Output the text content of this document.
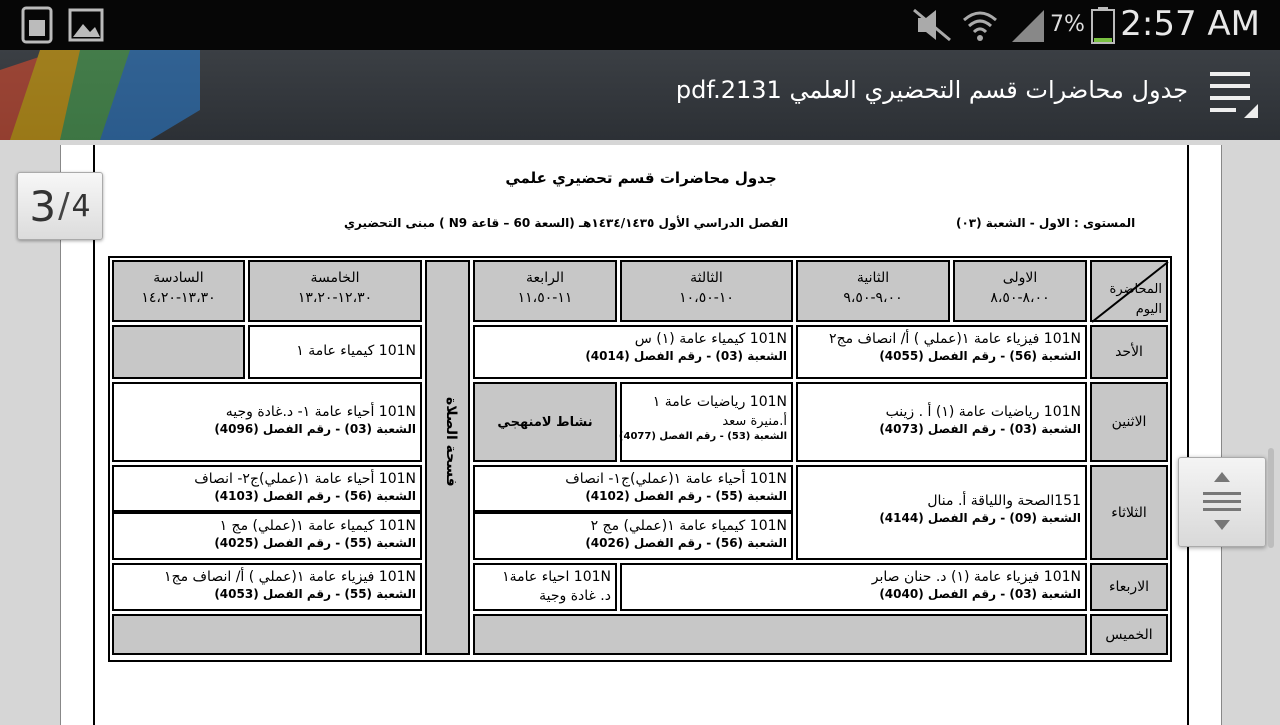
7% 2:57 AM
جدول محاضرات قسم التحضيري العلمي pdf.2131
جدول محاضرات قسم تحضيري علمي
المستوى : الاول - الشعبة (٠٣)
الفصل الدراسي الأول ١٤٣٤/١٤٣٥هـ (السعة 60 – قاعة N9 ) مبنى التحضيري
المحاضرة
اليوم
الاولى
٨،٠٠-٨،٥٠
الثانية
٩،٠٠-٩،٥٠
الثالثة
١٠-١٠،٥٠
الرابعة
١١-١١،٥٠
فسحة الصلاة
الخامسة
١٢،٣٠-١٣،٢٠
السادسة
١٣،٣٠-١٤،٢٠
الأحد
الاثنين
الثلاثاء
الاربعاء
الخميس
101N فيزياء عامة ١(عملي ) أ/ انصاف مج٢
الشعبة (56) - رقم الفصل (4055)
101N كيمياء عامة (١) س
الشعبة (03) - رقم الفصل (4014)
101N كيمياء عامة ١
101N رياضيات عامة (١) أ . زينب
الشعبة (03) - رقم الفصل (4073)
101N رياضيات عامة ١
أ.منيرة سعد
الشعبة (53) - رقم الفصل (4077)
نشاط لامنهجي
101N أحياء عامة ١- د.غادة وجيه
الشعبة (03) - رقم الفصل (4096)
151الصحة واللياقة أ. منال
الشعبة (09) - رقم الفصل (4144)
101N أحياء عامة ١(عملي)ج١- انصاف
الشعبة (55) - رقم الفصل (4102)
101N كيمياء عامة ١(عملي) مج ٢
الشعبة (56) - رقم الفصل (4026)
101N أحياء عامة ١(عملي)ج٢- انصاف
الشعبة (56) - رقم الفصل (4103)
101N كيمياء عامة ١(عملي) مج ١
الشعبة (55) - رقم الفصل (4025)
101N فيزياء عامة (١) د. حنان صابر
الشعبة (03) - رقم الفصل (4040)
101N احياء عامة١
د. غادة وجية
101N فيزياء عامة ١(عملي ) أ/ انصاف مج١
الشعبة (55) - رقم الفصل (4053)
3 / 4
